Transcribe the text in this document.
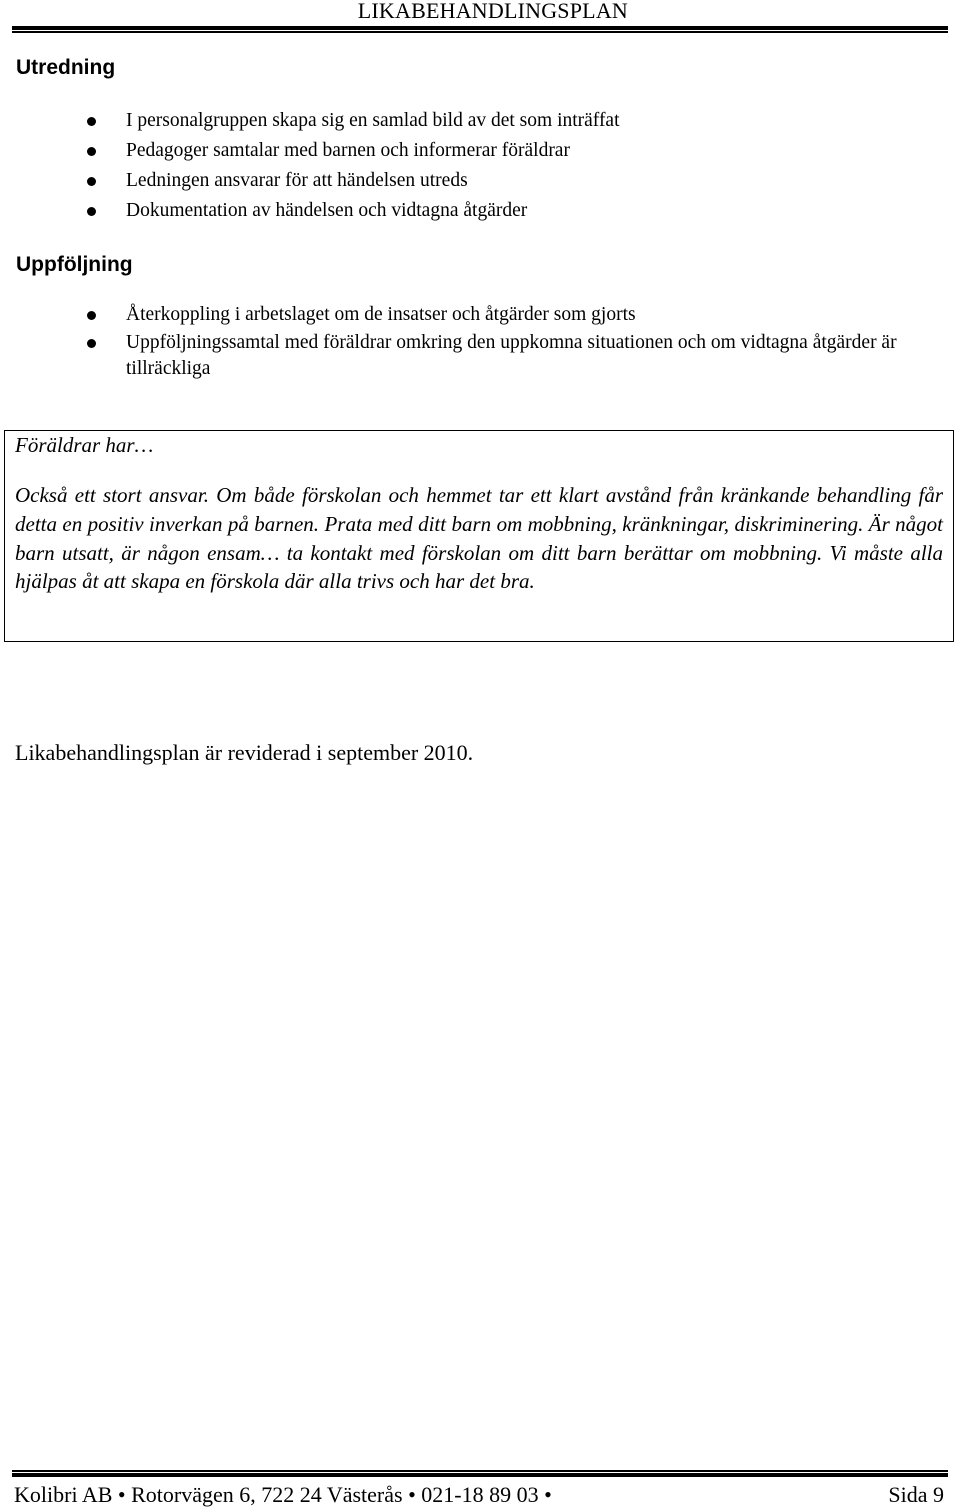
LIKABEHANDLINGSPLAN
Utredning
I personalgruppen skapa sig en samlad bild av det som inträffat
Pedagoger samtalar med barnen och informerar föräldrar
Ledningen ansvarar för att händelsen utreds
Dokumentation av händelsen och vidtagna åtgärder
Uppföljning
Återkoppling i arbetslaget om de insatser och åtgärder som gjorts
Uppföljningssamtal med föräldrar omkring den uppkomna situationen och om vidtagna åtgärder är tillräckliga
Föräldrar har…
Också ett stort ansvar. Om både förskolan och hemmet tar ett klart avstånd från kränkande behandling får detta en positiv inverkan på barnen. Prata med ditt barn om mobbning, kränkningar, diskriminering. Är något barn utsatt, är någon ensam… ta kontakt med förskolan om ditt barn berättar om mobbning. Vi måste alla hjälpas åt att skapa en förskola där alla trivs och har det bra.
Likabehandlingsplan är reviderad i september 2010.
Kolibri AB • Rotorvägen 6, 722 24 Västerås • 021-18 89 03 •	Sida 9
